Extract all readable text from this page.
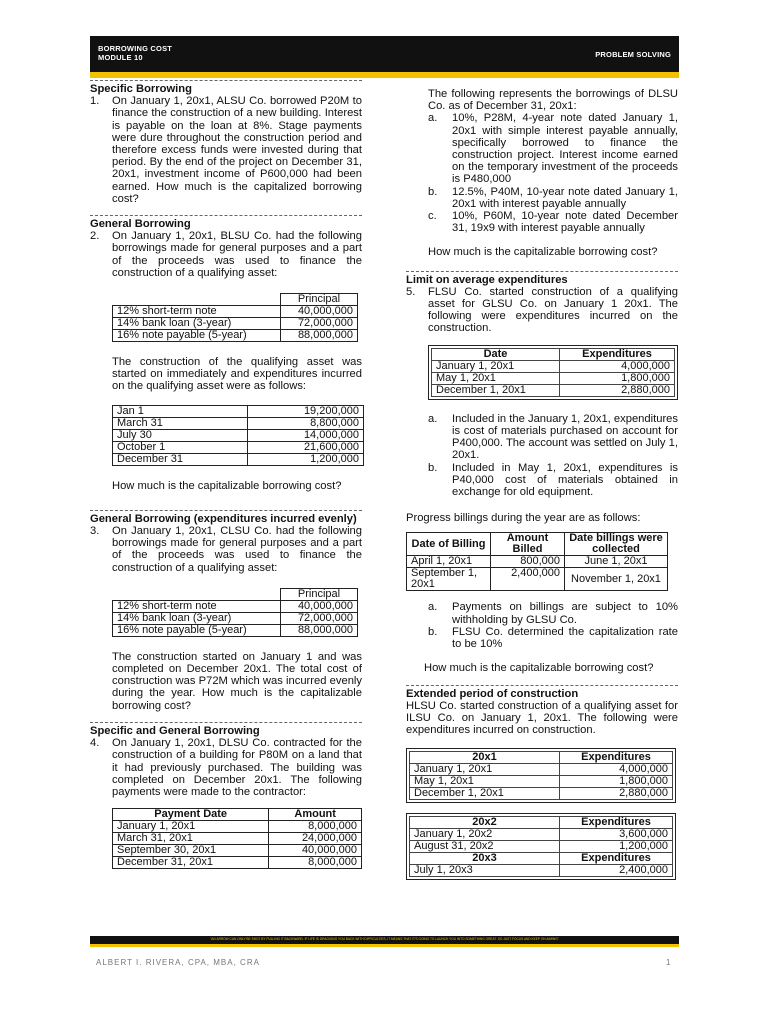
BORROWING COST
MODULE 10	PROBLEM SOLVING
Specific Borrowing
1.	On January 1, 20x1, ALSU Co. borrowed P20M to finance the construction of a new building. Interest is payable on the loan at 8%. Stage payments were dure throughout the construction period and therefore excess funds were invested during that period. By the end of the project on December 31, 20x1, investment income of P600,000 had been earned. How much is the capitalized borrowing cost?
General Borrowing
2.	On January 1, 20x1, BLSU Co. had the following borrowings made for general purposes and a part of the proceeds was used to finance the construction of a qualifying asset:
	Principal
12% short-term note	40,000,000
14% bank loan (3-year)	72,000,000
16% note payable (5-year)	88,000,000
The construction of the qualifying asset was started on immediately and expenditures incurred on the qualifying asset were as follows:
Jan 1	19,200,000
March 31	8,800,000
July 30	14,000,000
October 1	21,600,000
December 31	1,200,000
How much is the capitalizable borrowing cost?
General Borrowing (expenditures incurred evenly)
3.	On January 1, 20x1, CLSU Co. had the following borrowings made for general purposes and a part of the proceeds was used to finance the construction of a qualifying asset:
	Principal
12% short-term note	40,000,000
14% bank loan (3-year)	72,000,000
16% note payable (5-year)	88,000,000
The construction started on January 1 and was completed on December 20x1. The total cost of construction was P72M which was incurred evenly during the year. How much is the capitalizable borrowing cost?
Specific and General Borrowing
4.	On January 1, 20x1, DLSU Co. contracted for the construction of a building for P80M on a land that it had previously purchased. The building was completed on December 20x1. The following payments were made to the contractor:
Payment Date	Amount
January 1, 20x1	8,000,000
March 31, 20x1	24,000,000
September 30, 20x1	40,000,000
December 31, 20x1	8,000,000
The following represents the borrowings of DLSU Co. as of December 31, 20x1:
a.	10%, P28M, 4-year note dated January 1, 20x1 with simple interest payable annually, specifically borrowed to finance the construction project. Interest income earned on the temporary investment of the proceeds is P480,000
b.	12.5%, P40M, 10-year note dated January 1, 20x1 with interest payable annually
c.	10%, P60M, 10-year note dated December 31, 19x9 with interest payable annually
How much is the capitalizable borrowing cost?
Limit on average expenditures
5.	FLSU Co. started construction of a qualifying asset for GLSU Co. on January 1 20x1. The following were expenditures incurred on the construction.
Date	Expenditures
January 1, 20x1	4,000,000
May 1, 20x1	1,800,000
December 1, 20x1	2,880,000
a.	Included in the January 1, 20x1, expenditures is cost of materials purchased on account for P400,000. The account was settled on July 1, 20x1.
b.	Included in May 1, 20x1, expenditures is P40,000 cost of materials obtained in exchange for old equipment.
Progress billings during the year are as follows:
Date of Billing	Amount Billed	Date billings were collected
April 1, 20x1	800,000	June 1, 20x1
September 1, 20x1	2,400,000	November 1, 20x1
a.	Payments on billings are subject to 10% withholding by GLSU Co.
b.	FLSU Co. determined the capitalization rate to be 10%
How much is the capitalizable borrowing cost?
Extended period of construction
HLSU Co. started construction of a qualifying asset for ILSU Co. on January 1, 20x1. The following were expenditures incurred on construction.
20x1	Expenditures
January 1, 20x1	4,000,000
May 1, 20x1	1,800,000
December 1, 20x1	2,880,000
20x2	Expenditures
January 1, 20x2	3,600,000
August 31, 20x2	1,200,000
20x3	Expenditures
July 1, 20x3	2,400,000
"AN ARROW CAN ONLY BE SHOT BY PULLING IT BACKWARD. IF LIFE IS DRAGGING YOU BACK WITH DIFFICULTIES, IT MEANS THAT IT'S GOING TO LAUNCH YOU INTO SOMETHING GREAT. SO JUST FOCUS AND KEEP ON AIMING"
ALBERT I. RIVERA, CPA, MBA, CRA	1
